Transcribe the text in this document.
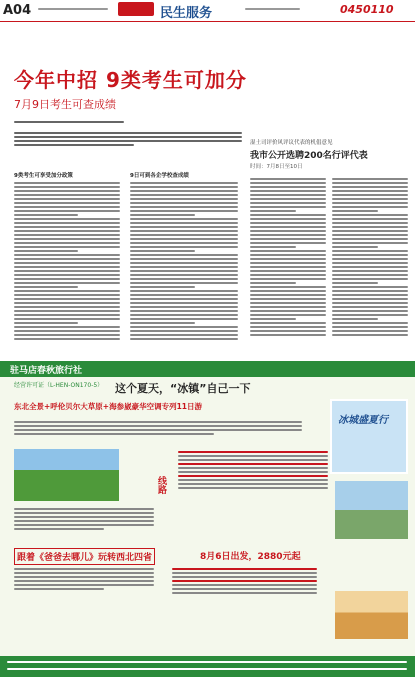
A04	民生服务	0450110
今年中招 9类考生可加分
7月9日考生可查成绩
9类考生可享受加分政策	9日可到各企学校查成绩
湿土司评价风评议代表的机倡意见
我市公开选聘200名行评代表
时间：7月8日至10日
驻马店春秋旅行社
经营许可证（L-HEN-ON170-5） 这个夏天，“冰镇”自己一下
东北全景+呼伦贝尔大草原+海参崴豪华空调专列11日游
冰城盛夏行
线路
跟着《爸爸去哪儿》玩转西北四省	8月6日出发，2880元起
